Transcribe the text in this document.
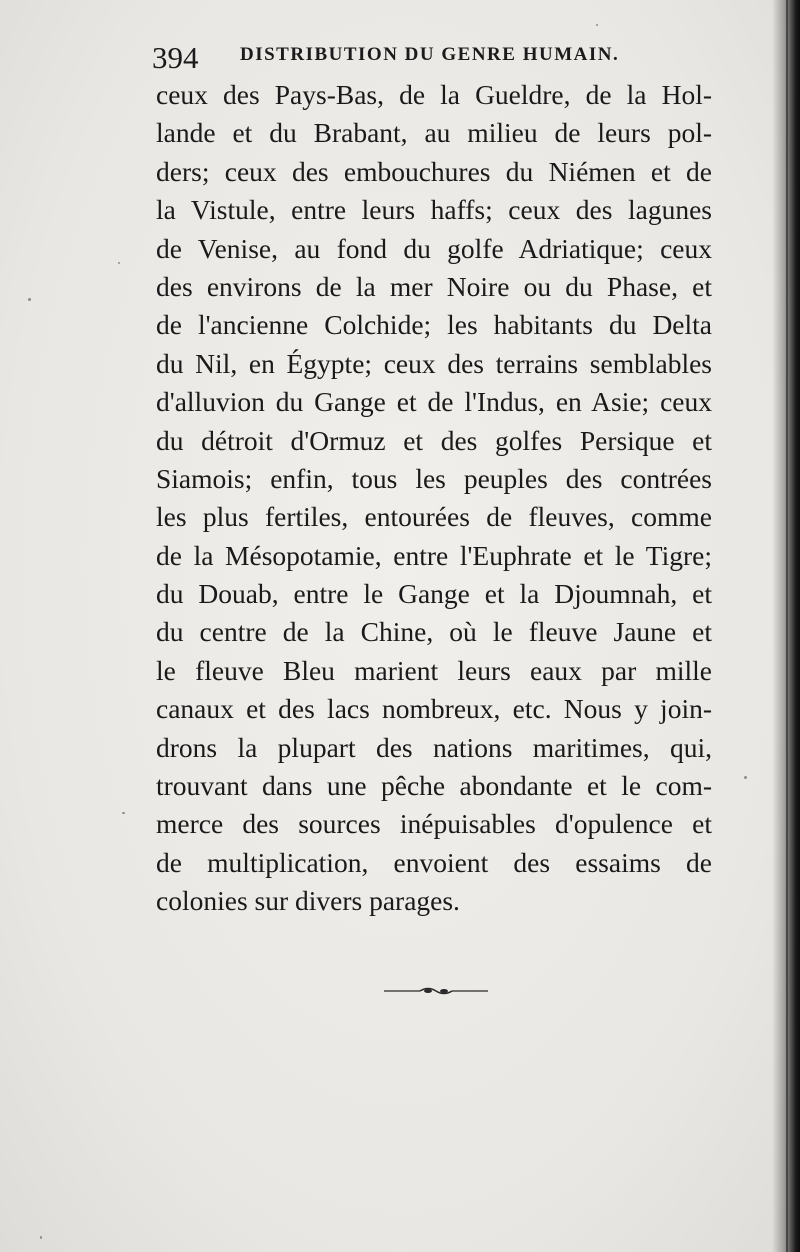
394 DISTRIBUTION DU GENRE HUMAIN.
ceux des Pays-Bas, de la Gueldre, de la Hol-
lande et du Brabant, au milieu de leurs pol-
ders; ceux des embouchures du Niémen et de
la Vistule, entre leurs haffs; ceux des lagunes
de Venise, au fond du golfe Adriatique; ceux
des environs de la mer Noire ou du Phase, et
de l'ancienne Colchide; les habitants du Delta
du Nil, en Égypte; ceux des terrains semblables
d'alluvion du Gange et de l'Indus, en Asie; ceux
du détroit d'Ormuz et des golfes Persique et
Siamois; enfin, tous les peuples des contrées
les plus fertiles, entourées de fleuves, comme
de la Mésopotamie, entre l'Euphrate et le Tigre;
du Douab, entre le Gange et la Djoumnah, et
du centre de la Chine, où le fleuve Jaune et
le fleuve Bleu marient leurs eaux par mille
canaux et des lacs nombreux, etc. Nous y join-
drons la plupart des nations maritimes, qui,
trouvant dans une pêche abondante et le com-
merce des sources inépuisables d'opulence et
de multiplication, envoient des essaims de
colonies sur divers parages.
